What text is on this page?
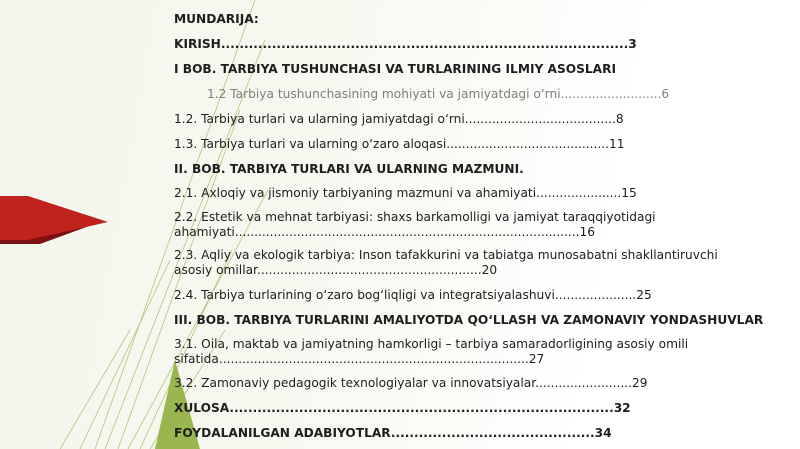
MUNDARIJA:
KIRISH........................................................................................3
I BOB. TARBIYA TUSHUNCHASI VA TURLARINING ILMIY ASOSLARI
1.2 Tarbiya tushunchasining mohiyati va jamiyatdagi o‘rni..........................6
1.2. Tarbiya turlari va ularning jamiyatdagi o‘rni.......................................8
1.3. Tarbiya turlari va ularning o‘zaro aloqasi..........................................11
II. BOB. TARBIYA TURLARI VA ULARNING MAZMUNI.
2.1. Axloqiy va jismoniy tarbiyaning mazmuni va ahamiyati......................15
2.2. Estetik va mehnat tarbiyasi: shaxs barkamolligi va jamiyat taraqqiyotidagi
ahamiyati.........................................................................................16
2.3. Aqliy va ekologik tarbiya: Inson tafakkurini va tabiatga munosabatni shakllantiruvchi
asosiy omillar..........................................................20
2.4. Tarbiya turlarining o‘zaro bog‘liqligi va integratsiyalashuvi.....................25
III. BOB. TARBIYA TURLARINI AMALIYOTDA QO‘LLASH VA ZAMONAVIY YONDASHUVLAR
3.1. Oila, maktab va jamiyatning hamkorligi – tarbiya samaradorligining asosiy omili
sifatida................................................................................27
3.2. Zamonaviy pedagogik texnologiyalar va innovatsiyalar.........................29
XULOSA...................................................................................32
FOYDALANILGAN ADABIYOTLAR............................................34
